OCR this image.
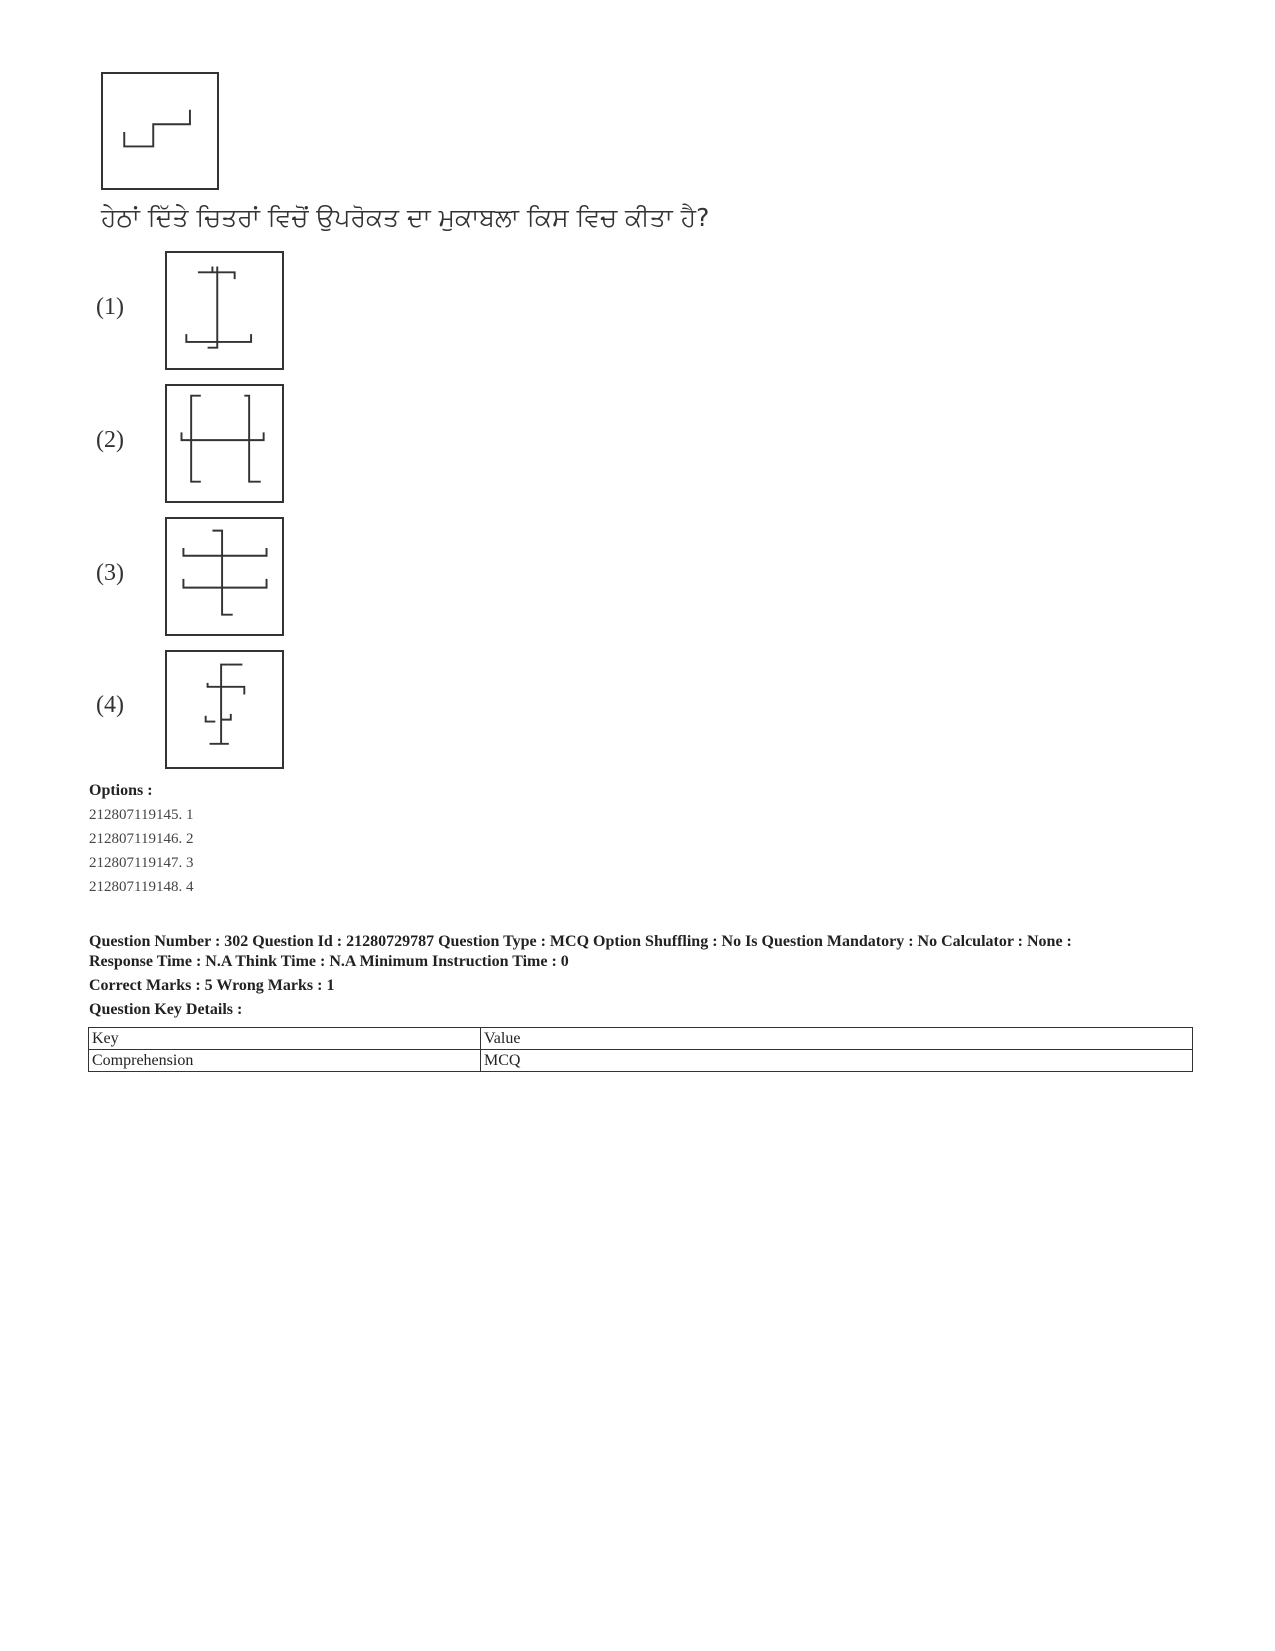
ਹੇਠਾਂ ਦਿੱਤੇ ਚਿਤਰਾਂ ਵਿਚੋਂ ਉਪਰੋਕਤ ਦਾ ਮੁਕਾਬਲਾ ਕਿਸ ਵਿਚ ਕੀਤਾ ਹੈ?
(1)
(2)
(3)
(4)
Options :
212807119145. 1
212807119146. 2
212807119147. 3
212807119148. 4
Question Number : 302 Question Id : 21280729787 Question Type : MCQ Option Shuffling : No Is Question Mandatory : No Calculator : None :
Response Time : N.A Think Time : N.A Minimum Instruction Time : 0
Correct Marks : 5 Wrong Marks : 1
Question Key Details :
Key	Value
Comprehension	MCQ
